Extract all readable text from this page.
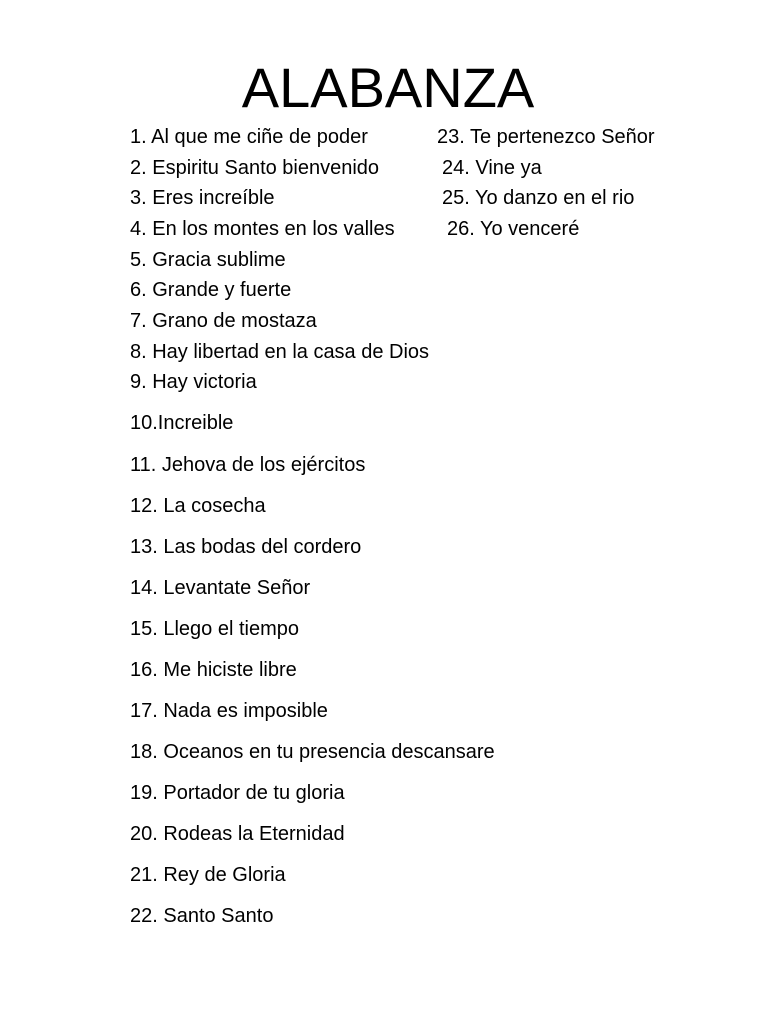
ALABANZA
1. Al que me ciñe de poder
2. Espiritu Santo bienvenido
3. Eres increíble
4. En los montes en los valles
5. Gracia sublime
6. Grande y fuerte
7. Grano de mostaza
8. Hay libertad en la casa de Dios
9. Hay victoria
10.Increible
11. Jehova de los ejércitos
12. La cosecha
13. Las bodas del cordero
14. Levantate Señor
15. Llego el tiempo
16. Me hiciste libre
17. Nada es imposible
18. Oceanos en tu presencia descansare
19. Portador de tu gloria
20. Rodeas la Eternidad
21. Rey de Gloria
22. Santo Santo
23. Te pertenezco Señor
24. Vine ya
25. Yo danzo en el rio
26. Yo venceré
